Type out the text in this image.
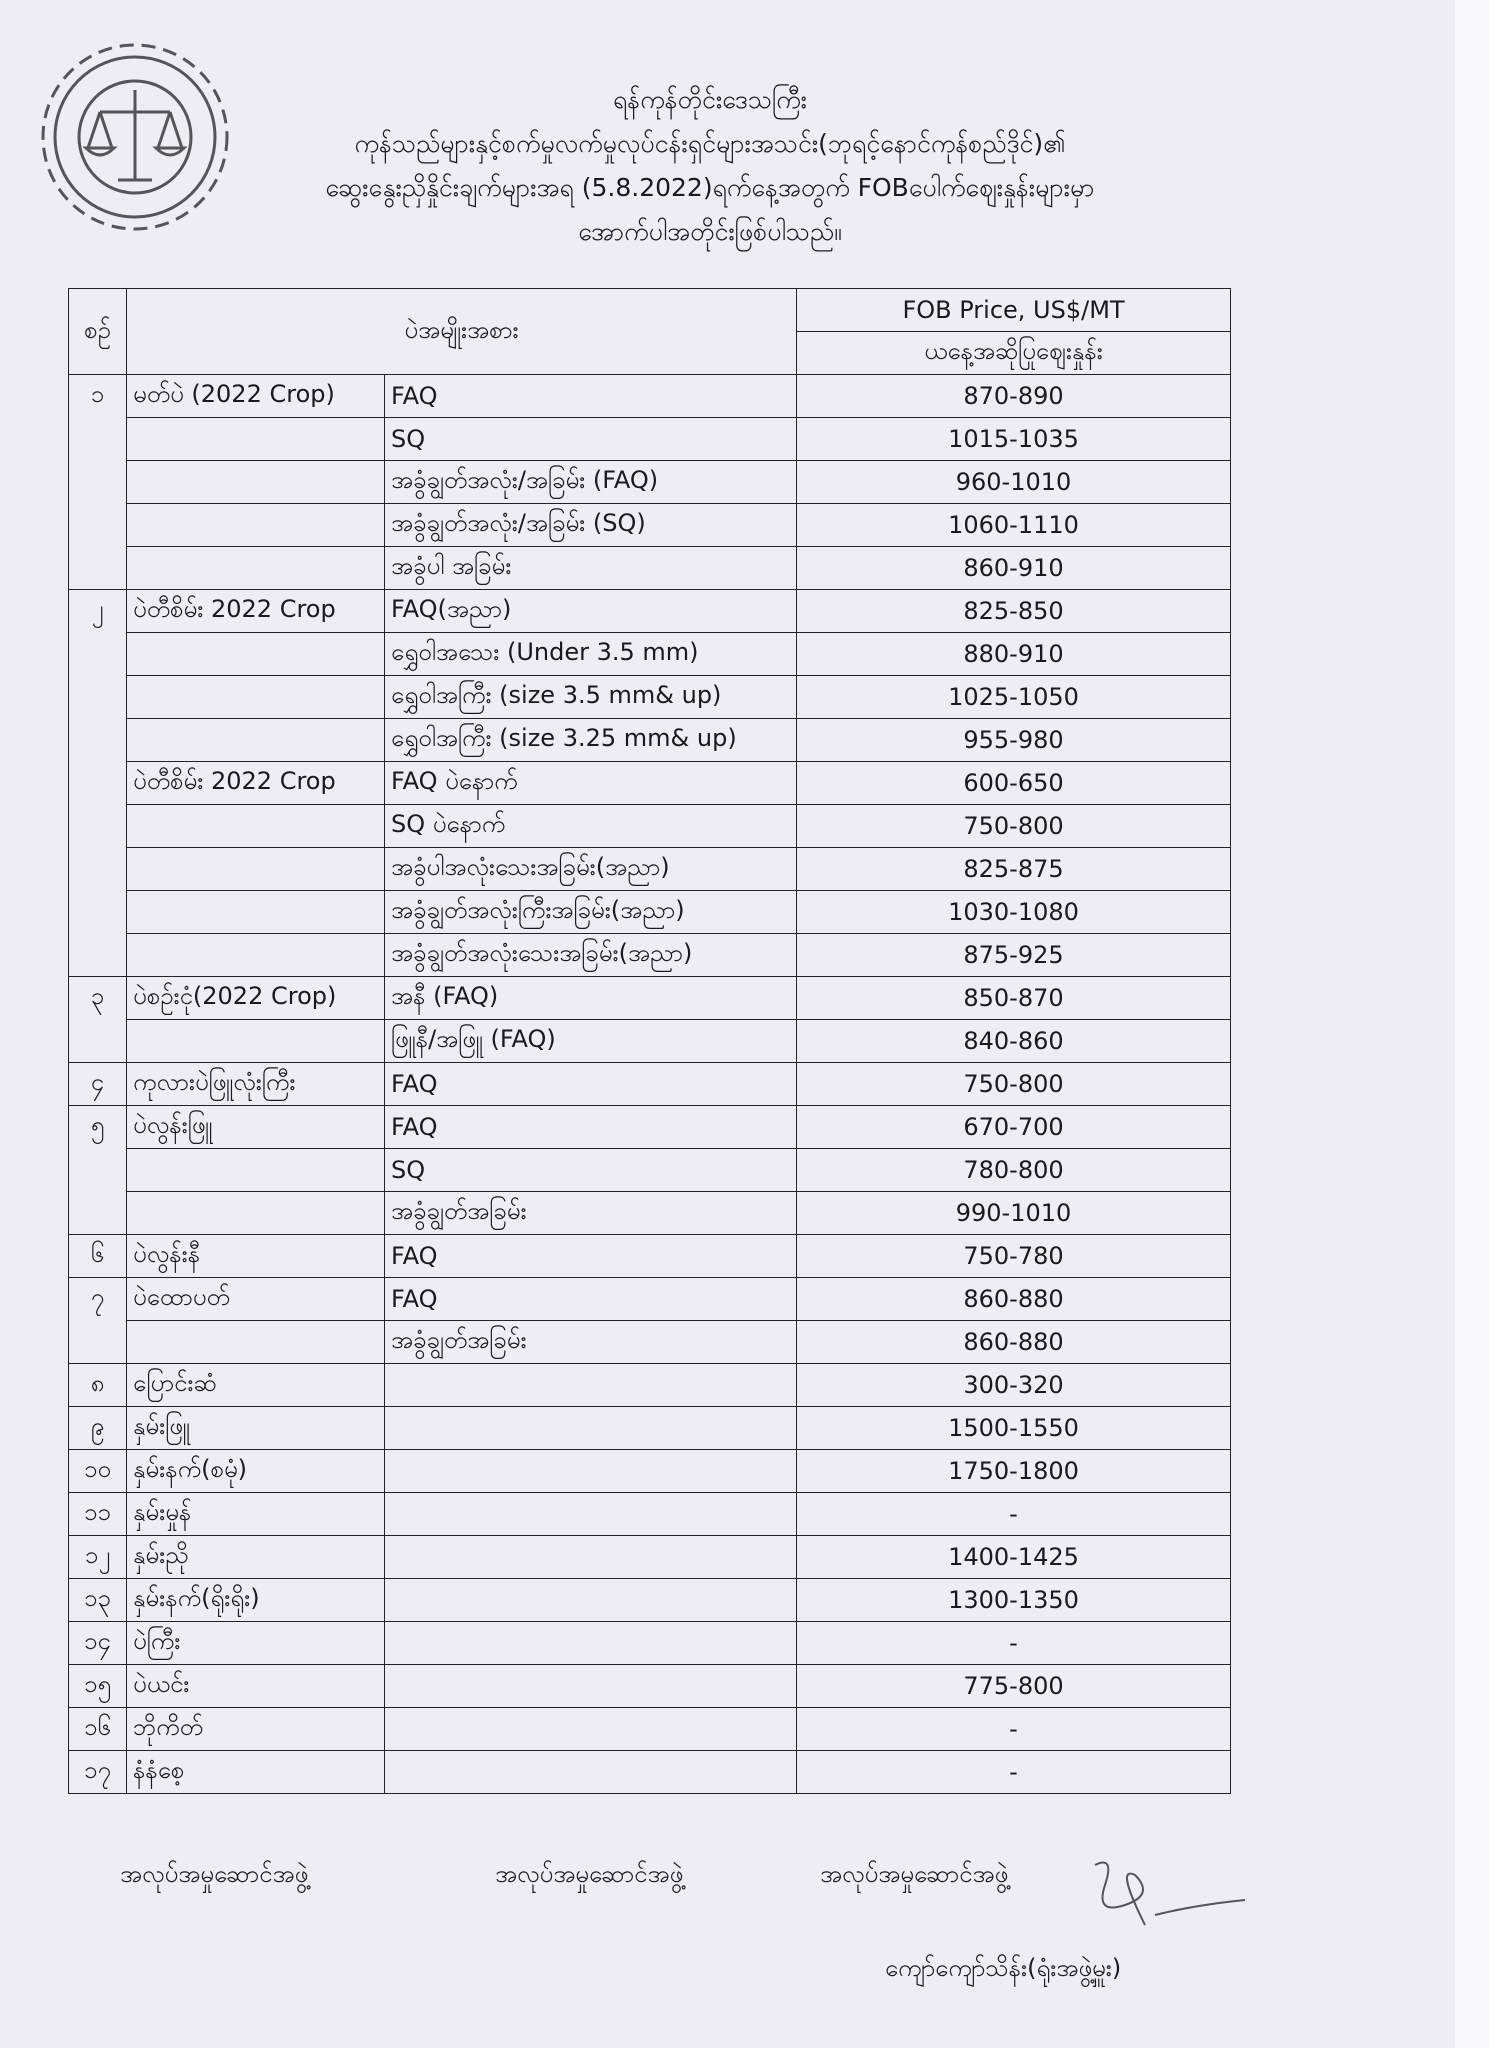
ရန်ကုန်တိုင်းဒေသကြီး
ကုန်သည်များနှင့်စက်မှုလက်မှုလုပ်ငန်းရှင်များအသင်း(ဘုရင့်နောင်ကုန်စည်ဒိုင်)၏
ဆွေးနွေးညှိနှိုင်းချက်များအရ (5.8.2022)ရက်နေ့အတွက် FOBပေါက်ဈေးနှုန်းများမှာ
အောက်ပါအတိုင်းဖြစ်ပါသည်။
စဉ်	ပဲအမျိုးအစား		FOB Price, US$/MT
			ယနေ့အဆိုပြုဈေးနှုန်း

၁	မတ်ပဲ (2022 Crop)	FAQ	870-890
		SQ	1015-1035
		အခွံချွတ်အလုံး/အခြမ်း (FAQ)	960-1010
		အခွံချွတ်အလုံး/အခြမ်း (SQ)	1060-1110
		အခွံပါ အခြမ်း	860-910
၂	ပဲတီစိမ်း 2022 Crop	FAQ(အညာ)	825-850
		ရွှေဝါအသေး (Under 3.5 mm)	880-910
		ရွှေဝါအကြီး (size 3.5 mm& up)	1025-1050
		ရွှေဝါအကြီး (size 3.25 mm& up)	955-980
	ပဲတီစိမ်း 2022 Crop	FAQ ပဲနောက်	600-650
		SQ ပဲနောက်	750-800
		အခွံပါအလုံးသေးအခြမ်း(အညာ)	825-875
		အခွံချွတ်အလုံးကြီးအခြမ်း(အညာ)	1030-1080
		အခွံချွတ်အလုံးသေးအခြမ်း(အညာ)	875-925
၃	ပဲစဉ်းငုံ(2022 Crop)	အနီ (FAQ)	850-870
		ဖြူနီ/အဖြူ (FAQ)	840-860
၄	ကုလားပဲဖြူလုံးကြီး	FAQ	750-800
၅	ပဲလွန်းဖြူ	FAQ	670-700
		SQ	780-800
		အခွံချွတ်အခြမ်း	990-1010
၆	ပဲလွန်းနီ	FAQ	750-780
၇	ပဲထောပတ်	FAQ	860-880
		အခွံချွတ်အခြမ်း	860-880
၈	ပြောင်းဆံ		300-320
၉	နှမ်းဖြူ		1500-1550
၁၀	နှမ်းနက်(စမုံ)		1750-1800
၁၁	နှမ်းမှုန်		-
၁၂	နှမ်းညို		1400-1425
၁၃	နှမ်းနက်(ရိုးရိုး)		1300-1350
၁၄	ပဲကြီး		-
၁၅	ပဲယင်း		775-800
၁၆	ဘိုကိတ်		-
၁၇	နံနံစေ့		-
အလုပ်အမှုဆောင်အဖွဲ့	အလုပ်အမှုဆောင်အဖွဲ့	အလုပ်အမှုဆောင်အဖွဲ့
ကျော်ကျော်သိန်း(ရုံးအဖွဲ့မှူး)
